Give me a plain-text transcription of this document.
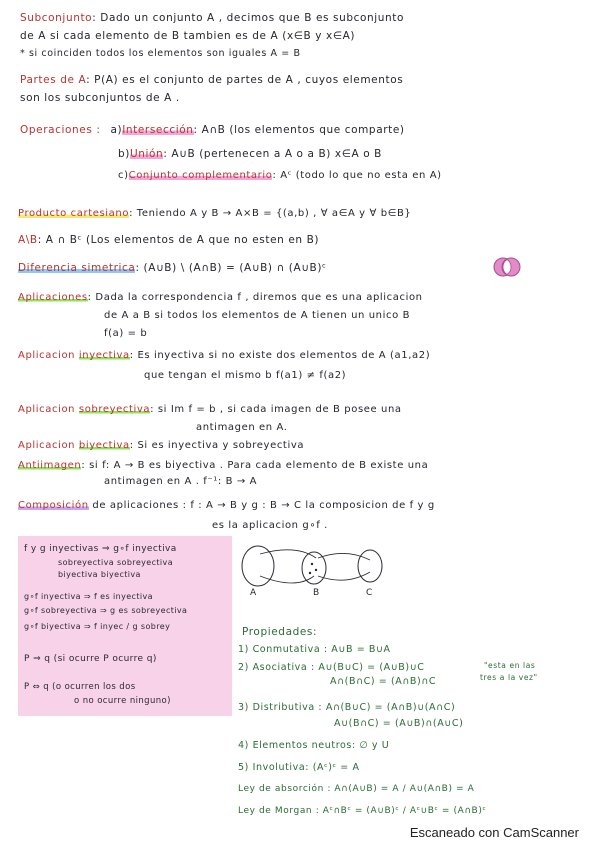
Subconjunto: Dado un conjunto A , decimos que B es subconjunto
de A si cada elemento de B tambien es de A (x∈B y x∈A)
* si coinciden todos los elementos son iguales A = B
Partes de A: P(A) es el conjunto de partes de A , cuyos elementos
son los subconjuntos de A .
Operaciones : a)Intersección: A∩B (los elementos que comparte)
b)Unión: A∪B (pertenecen a A o a B) x∈A o B
c)Conjunto complementario: Aᶜ (todo lo que no esta en A)
Producto cartesiano: Teniendo A y B → A×B = {(a,b) , ∀ a∈A y ∀ b∈B}
A\B: A ∩ Bᶜ (Los elementos de A que no esten en B)
Diferencia simetrica: (A∪B) \ (A∩B) = (A∪B) ∩ (A∪B)ᶜ
Aplicaciones: Dada la correspondencia f , diremos que es una aplicacion
de A a B si todos los elementos de A tienen un unico B
f(a) = b
Aplicacion inyectiva: Es inyectiva si no existe dos elementos de A (a1,a2)
que tengan el mismo b f(a1) ≠ f(a2)
Aplicacion sobreyectiva: si Im f = b , si cada imagen de B posee una
antimagen en A.
Aplicacion biyectiva: Si es inyectiva y sobreyectiva
Antiimagen: si f: A → B es biyectiva . Para cada elemento de B existe una
antimagen en A . f⁻¹: B → A
Composición de aplicaciones : f : A → B y g : B → C la composicion de f y g
es la aplicacion g∘f .
f y g inyectivas ⇒ g∘f inyectiva
sobreyectiva sobreyectiva
biyectiva biyectiva
g∘f inyectiva ⇒ f es inyectiva
g∘f sobreyectiva ⇒ g es sobreyectiva
g∘f biyectiva ⇒ f inyec / g sobrey
P ⇒ q (si ocurre P ocurre q)
P ⇔ q (o ocurren los dos
o no ocurre ninguno)
A	B	C
Propiedades:
1) Conmutativa : A∪B = B∪A
2) Asociativa : A∪(B∪C) = (A∪B)∪C	"esta en las
A∩(B∩C) = (A∩B)∩C	tres a la vez"
3) Distributiva : A∩(B∪C) = (A∩B)∪(A∩C)
A∪(B∩C) = (A∪B)∩(A∪C)
4) Elementos neutros: ∅ y U
5) Involutiva: (Aᶜ)ᶜ = A
Ley de absorción : A∩(A∪B) = A / A∪(A∩B) = A
Ley de Morgan : Aᶜ∩Bᶜ = (A∪B)ᶜ / Aᶜ∪Bᶜ = (A∩B)ᶜ
Escaneado con CamScanner
